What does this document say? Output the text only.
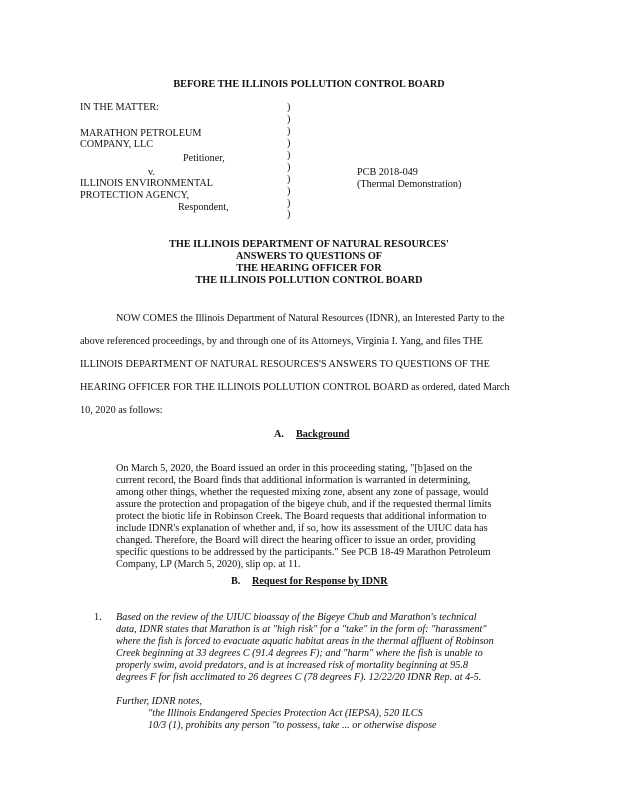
BEFORE THE ILLINOIS POLLUTION CONTROL BOARD
IN THE MATTER:
MARATHON PETROLEUM
COMPANY, LLC
Petitioner,
v.
ILLINOIS ENVIRONMENTAL
PROTECTION AGENCY,
Respondent,
)
)
)
)
)
)
)
)
)
)
PCB 2018-049
(Thermal Demonstration)
THE ILLINOIS DEPARTMENT OF NATURAL RESOURCES'
ANSWERS TO QUESTIONS OF
THE HEARING OFFICER FOR
THE ILLINOIS POLLUTION CONTROL BOARD
NOW COMES the Illinois Department of Natural Resources (IDNR), an Interested Party to the
above referenced proceedings, by and through one of its Attorneys, Virginia I. Yang, and files THE
ILLINOIS DEPARTMENT OF NATURAL RESOURCES'S ANSWERS TO QUESTIONS OF THE
HEARING OFFICER FOR THE ILLINOIS POLLUTION CONTROL BOARD as ordered, dated March
10, 2020 as follows:
A. Background
On March 5, 2020, the Board issued an order in this proceeding stating, "[b]ased on the
current record, the Board finds that additional information is warranted in determining,
among other things, whether the requested mixing zone, absent any zone of passage, would
assure the protection and propagation of the bigeye chub, and if the requested thermal limits
protect the biotic life in Robinson Creek. The Board requests that additional information to
include IDNR's explanation of whether and, if so, how its assessment of the UIUC data has
changed. Therefore, the Board will direct the hearing officer to issue an order, providing
specific questions to be addressed by the participants." See PCB 18-49 Marathon Petroleum
Company, LP (March 5, 2020), slip op. at 11.
B. Request for Response by IDNR
1. Based on the review of the UIUC bioassay of the Bigeye Chub and Marathon's technical
data, IDNR states that Marathon is at "high risk" for a "take" in the form of: "harassment"
where the fish is forced to evacuate aquatic habitat areas in the thermal affluent of Robinson
Creek beginning at 33 degrees C (91.4 degrees F); and "harm" where the fish is unable to
properly swim, avoid predators, and is at increased risk of mortality beginning at 95.8
degrees F for fish acclimated to 26 degrees C (78 degrees F). 12/22/20 IDNR Rep. at 4-5.
Further, IDNR notes,
"the Illinois Endangered Species Protection Act (IEPSA), 520 ILCS
10/3 (1), prohibits any person "to possess, take ... or otherwise dispose
